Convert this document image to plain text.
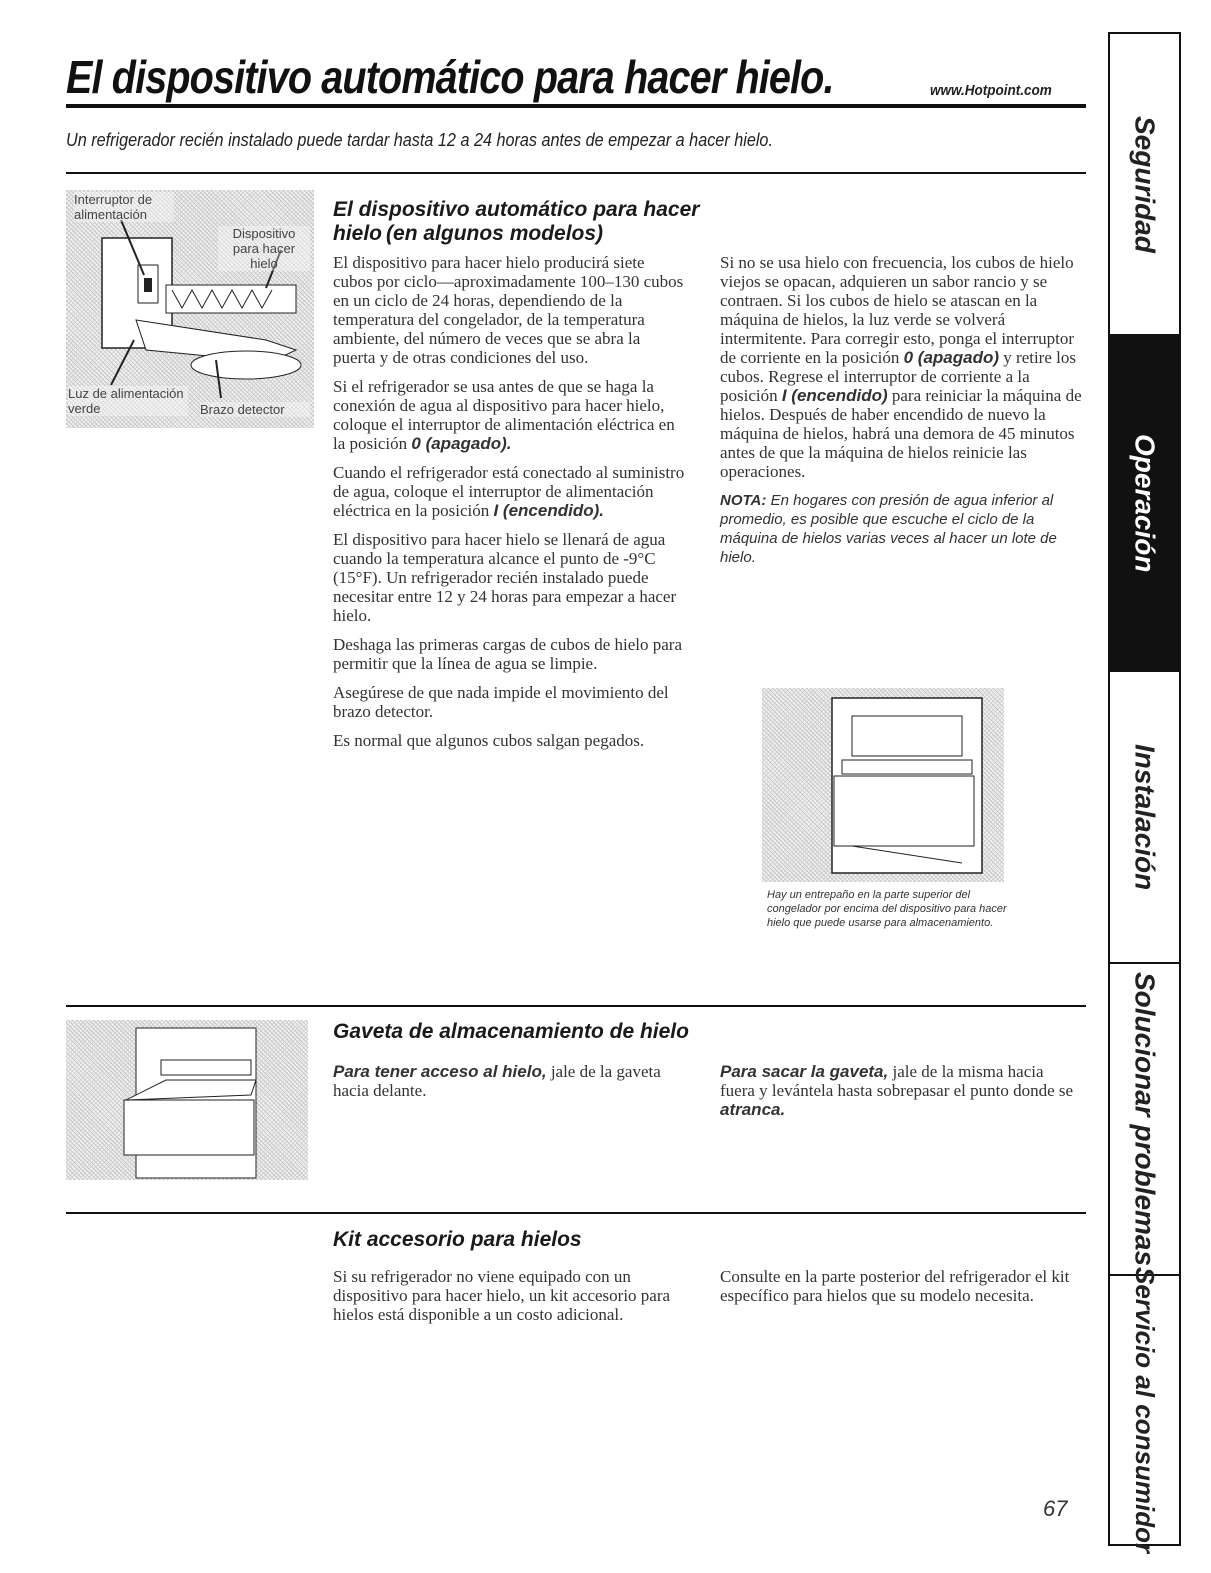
El dispositivo automático para hacer hielo.	www.Hotpoint.com
Un refrigerador recién instalado puede tardar hasta 12 a 24 horas antes de empezar a hacer hielo.
Interruptor de alimentación
Dispositivo para hacer hielo
Luz de alimentación verde	Brazo detector
El dispositivo automático para hacer hielo (en algunos modelos)

El dispositivo para hacer hielo producirá siete cubos por ciclo—aproximadamente 100–130 cubos en un ciclo de 24 horas, dependiendo de la temperatura del congelador, de la temperatura ambiente, del número de veces que se abra la puerta y de otras condiciones del uso.

Si el refrigerador se usa antes de que se haga la conexión de agua al dispositivo para hacer hielo, coloque el interruptor de alimentación eléctrica en la posición 0 (apagado).

Cuando el refrigerador está conectado al suministro de agua, coloque el interruptor de alimentación eléctrica en la posición I (encendido).

El dispositivo para hacer hielo se llenará de agua cuando la temperatura alcance el punto de -9°C (15°F). Un refrigerador recién instalado puede necesitar entre 12 y 24 horas para empezar a hacer hielo.

Deshaga las primeras cargas de cubos de hielo para permitir que la línea de agua se limpie.

Asegúrese de que nada impide el movimiento del brazo detector.

Es normal que algunos cubos salgan pegados.

Si no se usa hielo con frecuencia, los cubos de hielo viejos se opacan, adquieren un sabor rancio y se contraen. Si los cubos de hielo se atascan en la máquina de hielos, la luz verde se volverá intermitente. Para corregir esto, ponga el interruptor de corriente en la posición 0 (apagado) y retire los cubos. Regrese el interruptor de corriente a la posición I (encendido) para reiniciar la máquina de hielos. Después de haber encendido de nuevo la máquina de hielos, habrá una demora de 45 minutos antes de que la máquina de hielos reinicie las operaciones.

NOTA: En hogares con presión de agua inferior al promedio, es posible que escuche el ciclo de la máquina de hielos varias veces al hacer un lote de hielo.

Hay un entrepaño en la parte superior del congelador por encima del dispositivo para hacer hielo que puede usarse para almacenamiento.
Gaveta de almacenamiento de hielo
Para tener acceso al hielo, jale de la gaveta hacia delante.
Para sacar la gaveta, jale de la misma hacia fuera y levántela hasta sobrepasar el punto donde se atranca.
Kit accesorio para hielos
Si su refrigerador no viene equipado con un dispositivo para hacer hielo, un kit accesorio para hielos está disponible a un costo adicional.
Consulte en la parte posterior del refrigerador el kit específico para hielos que su modelo necesita.
Seguridad
Operación
Instalación
Solucionar problemas
Servicio al consumidor
67
